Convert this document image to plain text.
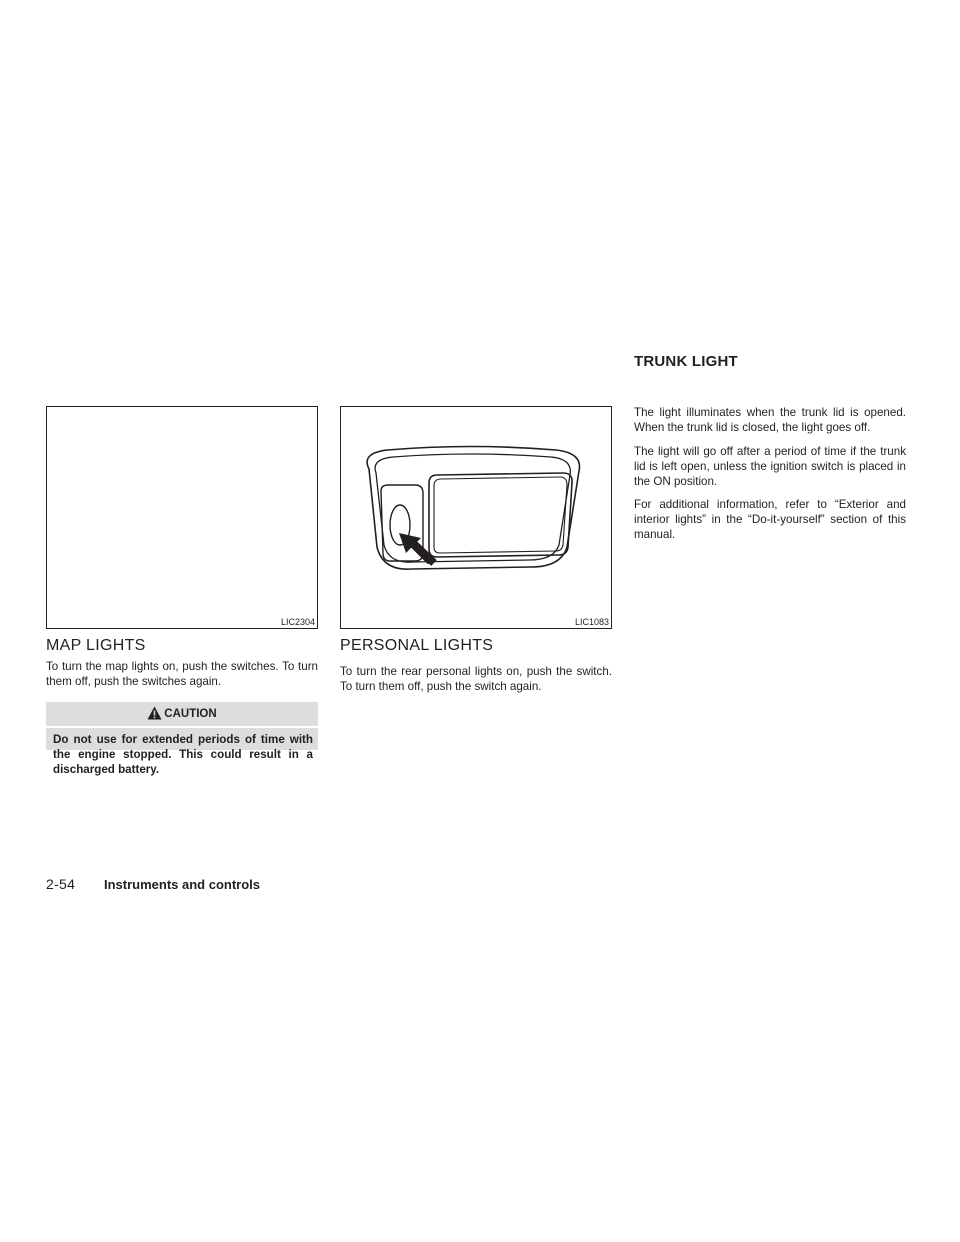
LIC2304	LIC1083
MAP LIGHTS

To turn the map lights on, push the switches. To turn them off, push the switches again.

CAUTION
Do not use for extended periods of time with the engine stopped. This could result in a discharged battery.
PERSONAL LIGHTS

To turn the rear personal lights on, push the switch. To turn them off, push the switch again.

TRUNK LIGHT

The light illuminates when the trunk lid is opened. When the trunk lid is closed, the light goes off.

The light will go off after a period of time if the trunk lid is left open, unless the ignition switch is placed in the ON position.

For additional information, refer to “Exterior and interior lights” in the “Do-it-yourself” section of this manual.

2-54 Instruments and controls
